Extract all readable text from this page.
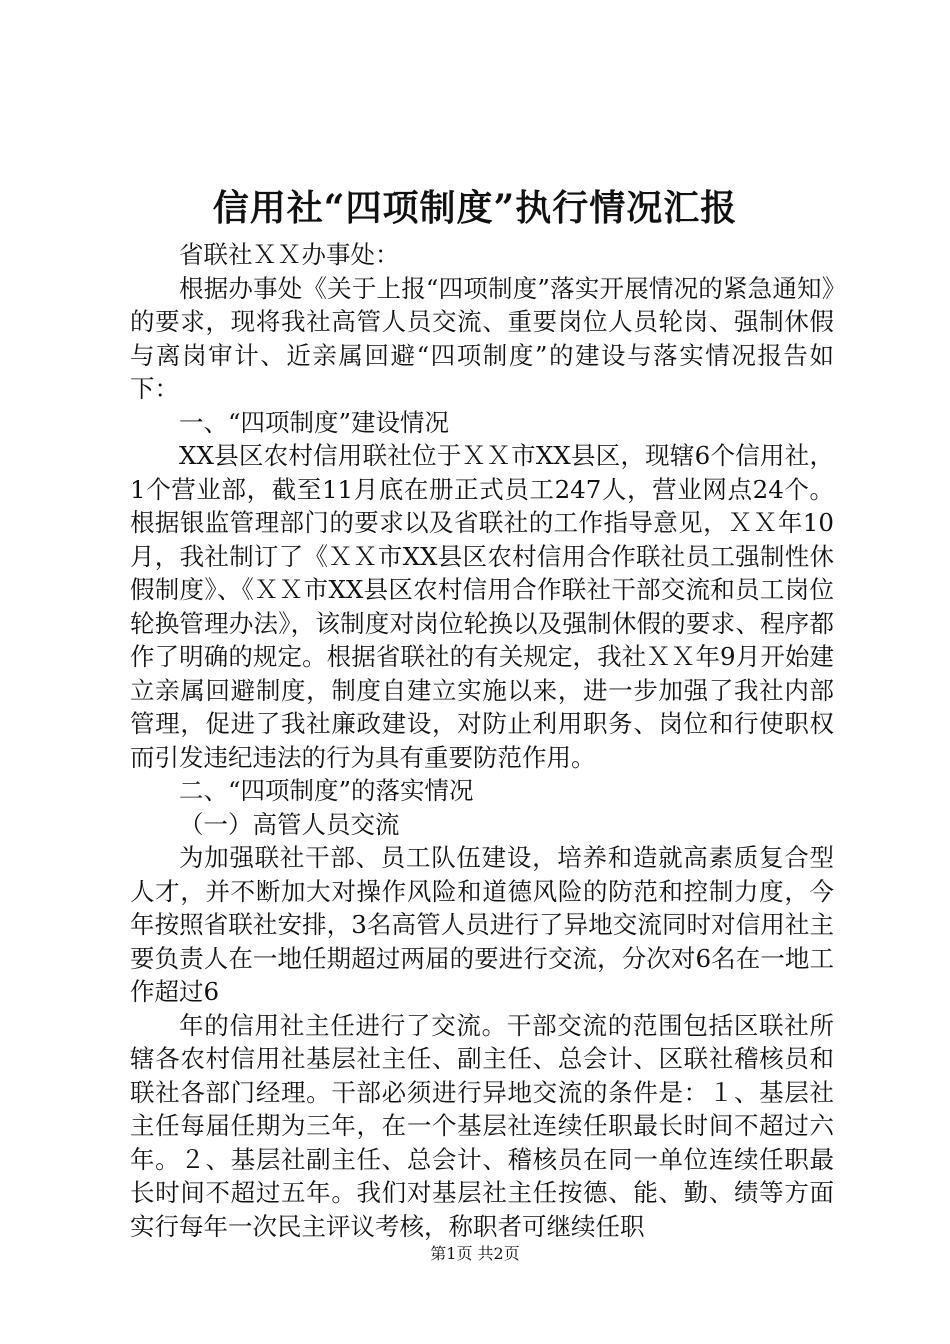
信用社“四项制度”执行情况汇报

省联社ＸＸ办事处：

根据办事处《关于上报“四项制度”落实开展情况的紧急通知》的要求，现将我社高管人员交流、重要岗位人员轮岗、强制休假与离岗审计、近亲属回避“四项制度”的建设与落实情况报告如下：

一、“四项制度”建设情况

XX县区农村信用联社位于ＸＸ市XX县区，现辖6个信用社，1个营业部，截至11月底在册正式员工247人，营业网点24个。根据银监管理部门的要求以及省联社的工作指导意见，ＸＸ年10月，我社制订了《ＸＸ市XX县区农村信用合作联社员工强制性休假制度》、《ＸＸ市XX县区农村信用合作联社干部交流和员工岗位轮换管理办法》，该制度对岗位轮换以及强制休假的要求、程序都作了明确的规定。根据省联社的有关规定，我社ＸＸ年9月开始建立亲属回避制度，制度自建立实施以来，进一步加强了我社内部管理，促进了我社廉政建设，对防止利用职务、岗位和行使职权而引发违纪违法的行为具有重要防范作用。

二、“四项制度”的落实情况

（一）高管人员交流

为加强联社干部、员工队伍建设，培养和造就高素质复合型人才，并不断加大对操作风险和道德风险的防范和控制力度，今年按照省联社安排，3名高管人员进行了异地交流同时对信用社主要负责人在一地任期超过两届的要进行交流，分次对6名在一地工作超过6

年的信用社主任进行了交流。干部交流的范围包括区联社所辖各农村信用社基层社主任、副主任、总会计、区联社稽核员和联社各部门经理。干部必须进行异地交流的条件是：１、基层社主任每届任期为三年，在一个基层社连续任职最长时间不超过六年。２、基层社副主任、总会计、稽核员在同一单位连续任职最长时间不超过五年。我们对基层社主任按德、能、勤、绩等方面实行每年一次民主评议考核，称职者可继续任职

第1页 共2页
